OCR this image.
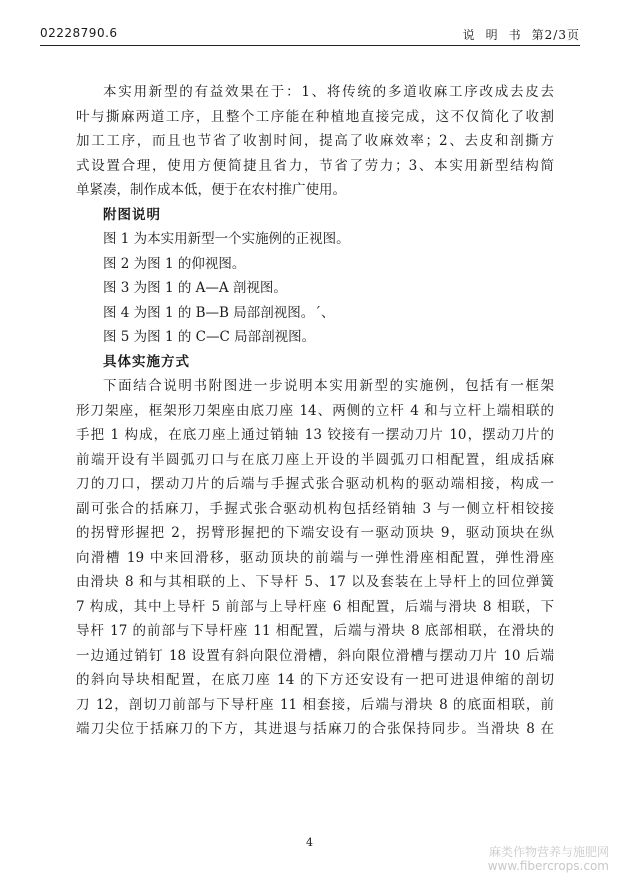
02228790.6	说 明 书 第2/3页
本实用新型的有益效果在于：1、将传统的多道收麻工序改成去皮去
叶与撕麻两道工序，且整个工序能在种植地直接完成，这不仅简化了收割
加工工序，而且也节省了收割时间，提高了收麻效率；2、去皮和剖撕方
式设置合理，使用方便简捷且省力，节省了劳力；3、本实用新型结构简
单紧凑，制作成本低，便于在农村推广使用。
附图说明
图 1 为本实用新型一个实施例的正视图。
图 2 为图 1 的仰视图。
图 3 为图 1 的 A—A 剖视图。
图 4 为图 1 的 B—B 局部剖视图。ˊ、
图 5 为图 1 的 C—C 局部剖视图。
具体实施方式
下面结合说明书附图进一步说明本实用新型的实施例，包括有一框架
形刀架座，框架形刀架座由底刀座 14、两侧的立杆 4 和与立杆上端相联的
手把 1 构成，在底刀座上通过销轴 13 铰接有一摆动刀片 10，摆动刀片的
前端开设有半圆弧刃口与在底刀座上开设的半圆弧刃口相配置，组成括麻
刀的刀口，摆动刀片的后端与手握式张合驱动机构的驱动端相接，构成一
副可张合的括麻刀，手握式张合驱动机构包括经销轴 3 与一侧立杆相铰接
的拐臂形握把 2，拐臂形握把的下端安设有一驱动顶块 9，驱动顶块在纵
向滑槽 19 中来回滑移，驱动顶块的前端与一弹性滑座相配置，弹性滑座
由滑块 8 和与其相联的上、下导杆 5、17 以及套装在上导杆上的回位弹簧
7 构成，其中上导杆 5 前部与上导杆座 6 相配置，后端与滑块 8 相联，下
导杆 17 的前部与下导杆座 11 相配置，后端与滑块 8 底部相联，在滑块的
一边通过销钉 18 设置有斜向限位滑槽，斜向限位滑槽与摆动刀片 10 后端
的斜向导块相配置，在底刀座 14 的下方还安设有一把可进退伸缩的剖切
刀 12，剖切刀前部与下导杆座 11 相套接，后端与滑块 8 的底面相联，前
端刀尖位于括麻刀的下方，其进退与括麻刀的合张保持同步。当滑块 8 在
4
麻类作物营养与施肥网
www.fibercrops.com
